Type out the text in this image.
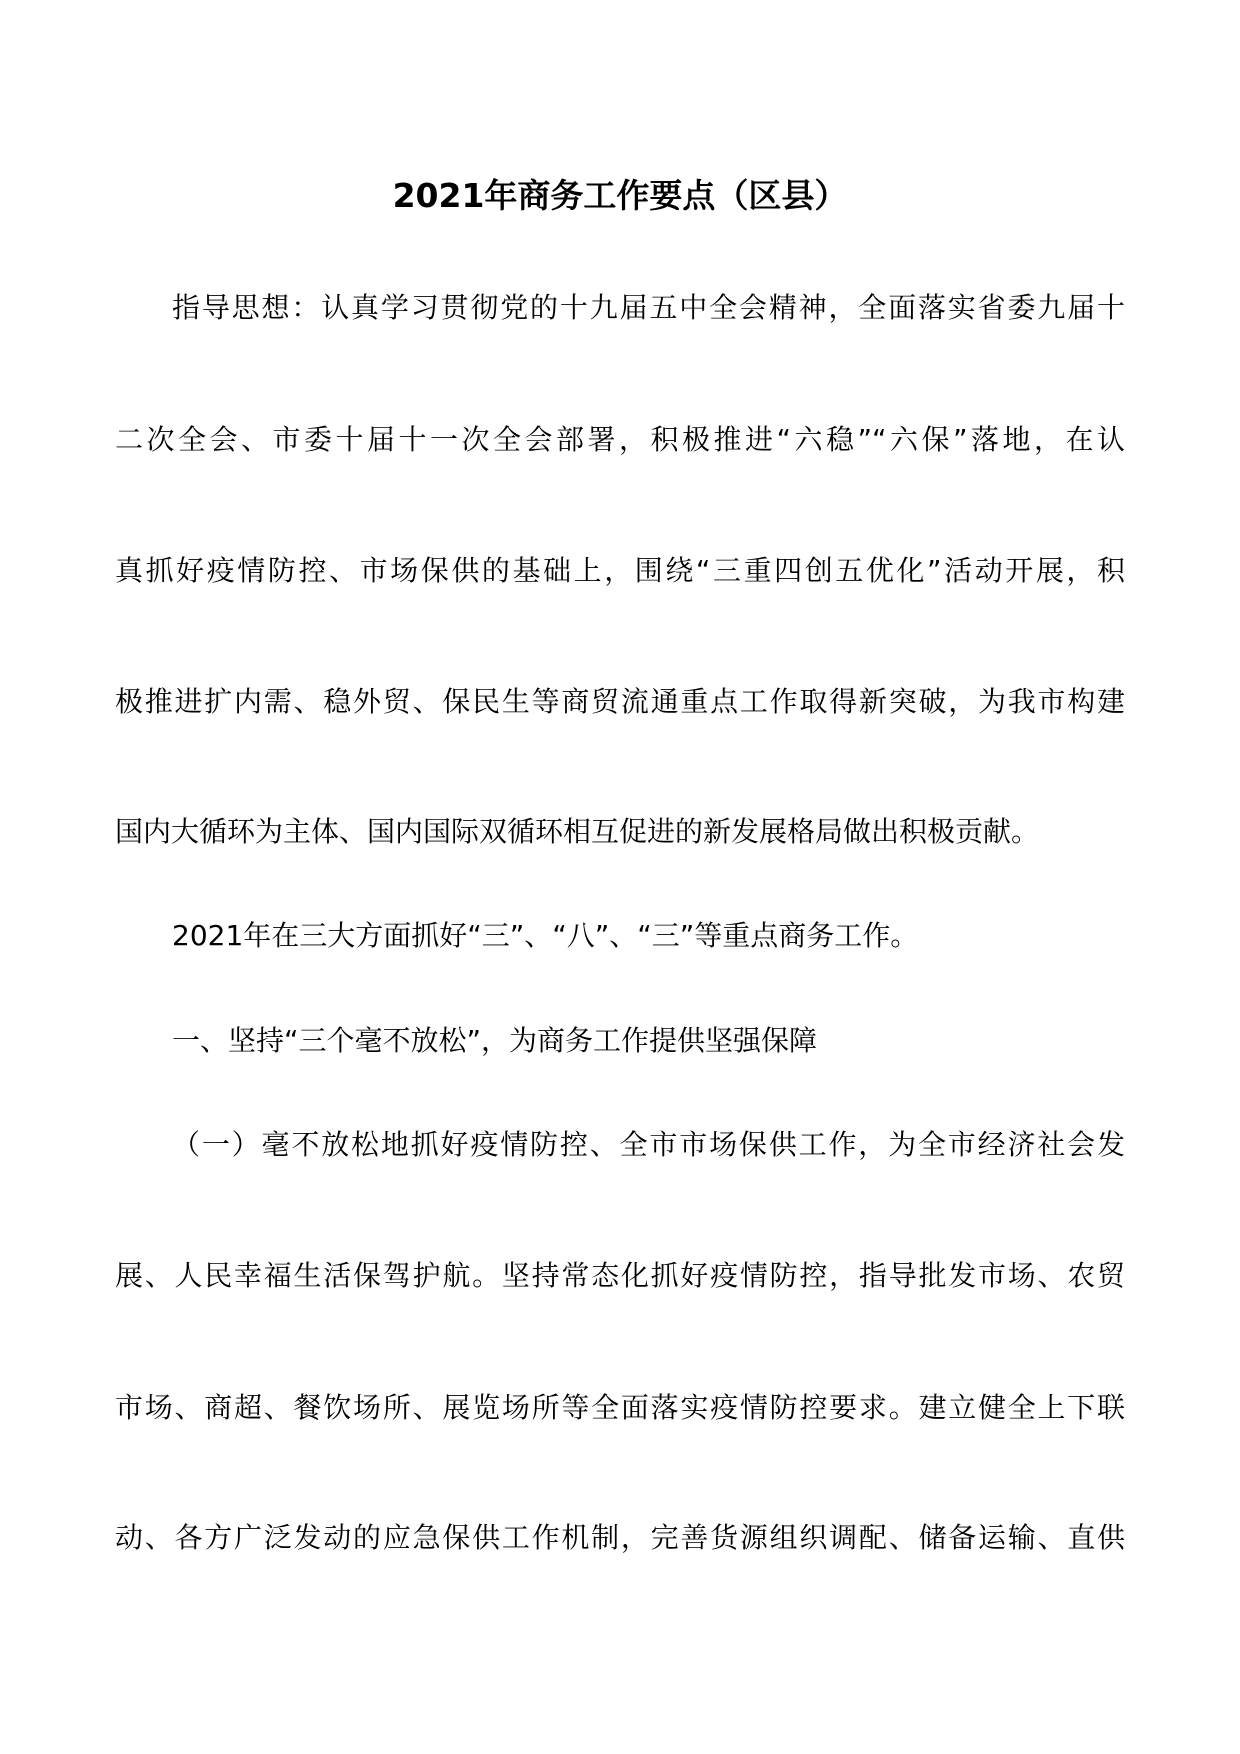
2021年商务工作要点（区县）

指导思想：认真学习贯彻党的十九届五中全会精神，全面落实省委九届十

二次全会、市委十届十一次全会部署，积极推进“六稳”“六保”落地，在认

真抓好疫情防控、市场保供的基础上，围绕“三重四创五优化”活动开展，积

极推进扩内需、稳外贸、保民生等商贸流通重点工作取得新突破，为我市构建

国内大循环为主体、国内国际双循环相互促进的新发展格局做出积极贡献。

2021年在三大方面抓好“三”、“八”、“三”等重点商务工作。

一、坚持“三个毫不放松”，为商务工作提供坚强保障

（一）毫不放松地抓好疫情防控、全市市场保供工作，为全市经济社会发

展、人民幸福生活保驾护航。坚持常态化抓好疫情防控，指导批发市场、农贸

市场、商超、餐饮场所、展览场所等全面落实疫情防控要求。建立健全上下联

动、各方广泛发动的应急保供工作机制，完善货源组织调配、储备运输、直供
